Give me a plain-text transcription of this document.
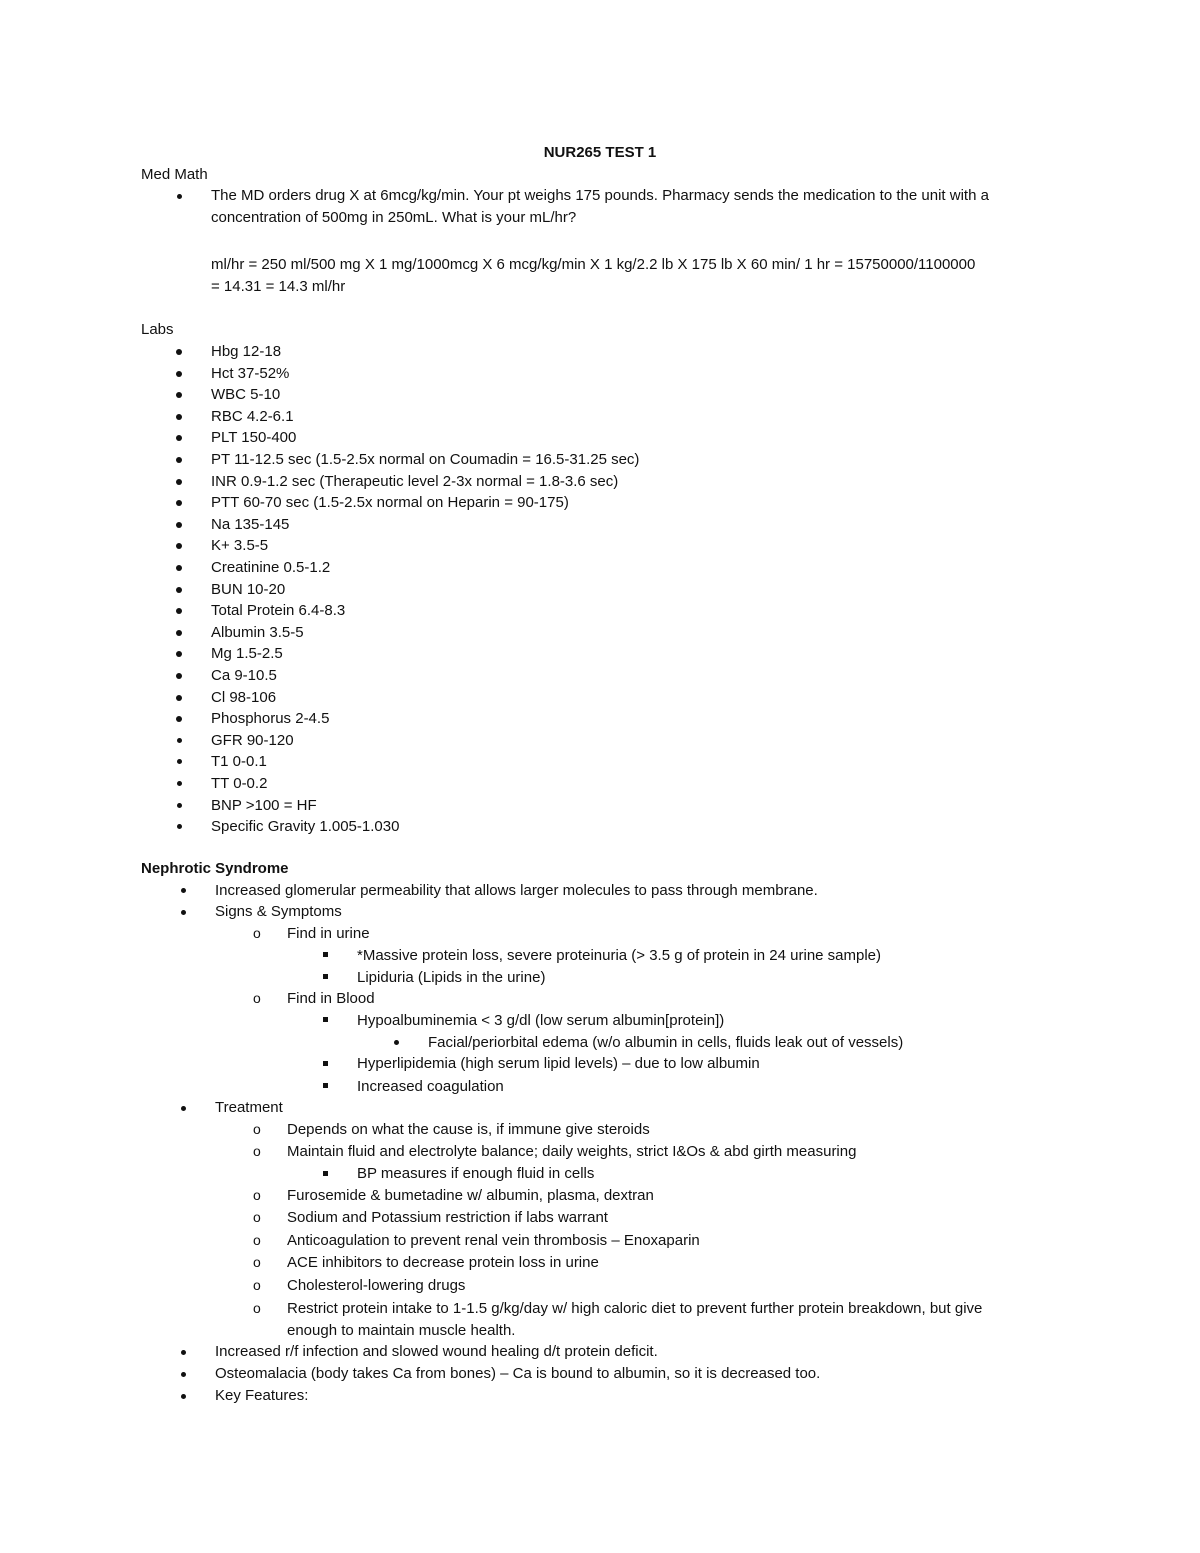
NUR265 TEST 1
Med Math
The MD orders drug X at 6mcg/kg/min. Your pt weighs 175 pounds. Pharmacy sends the medication to the unit with a
concentration of 500mg in 250mL. What is your mL/hr?
ml/hr = 250 ml/500 mg X 1 mg/1000mcg X 6 mcg/kg/min X 1 kg/2.2 lb X 175 lb X 60 min/ 1 hr = 15750000/1100000
= 14.31 = 14.3 ml/hr
Labs
Hbg 12-18
Hct 37-52%
WBC 5-10
RBC 4.2-6.1
PLT 150-400
PT 11-12.5 sec (1.5-2.5x normal on Coumadin = 16.5-31.25 sec)
INR 0.9-1.2 sec (Therapeutic level 2-3x normal = 1.8-3.6 sec)
PTT 60-70 sec (1.5-2.5x normal on Heparin = 90-175)
Na 135-145
K+ 3.5-5
Creatinine 0.5-1.2
BUN 10-20
Total Protein 6.4-8.3
Albumin 3.5-5
Mg 1.5-2.5
Ca 9-10.5
Cl 98-106
Phosphorus 2-4.5
GFR 90-120
T1 0-0.1
TT 0-0.2
BNP >100 = HF
Specific Gravity 1.005-1.030
Nephrotic Syndrome
Increased glomerular permeability that allows larger molecules to pass through membrane.
Signs & Symptoms
o Find in urine
*Massive protein loss, severe proteinuria (> 3.5 g of protein in 24 urine sample)
Lipiduria (Lipids in the urine)
o Find in Blood
Hypoalbuminemia < 3 g/dl (low serum albumin[protein])
Facial/periorbital edema (w/o albumin in cells, fluids leak out of vessels)
Hyperlipidemia (high serum lipid levels) – due to low albumin
Increased coagulation
Treatment
o Depends on what the cause is, if immune give steroids
o Maintain fluid and electrolyte balance; daily weights, strict I&Os & abd girth measuring
BP measures if enough fluid in cells
o Furosemide & bumetadine w/ albumin, plasma, dextran
o Sodium and Potassium restriction if labs warrant
o Anticoagulation to prevent renal vein thrombosis – Enoxaparin
o ACE inhibitors to decrease protein loss in urine
o Cholesterol-lowering drugs
o Restrict protein intake to 1-1.5 g/kg/day w/ high caloric diet to prevent further protein breakdown, but give
enough to maintain muscle health.
Increased r/f infection and slowed wound healing d/t protein deficit.
Osteomalacia (body takes Ca from bones) – Ca is bound to albumin, so it is decreased too.
Key Features:
